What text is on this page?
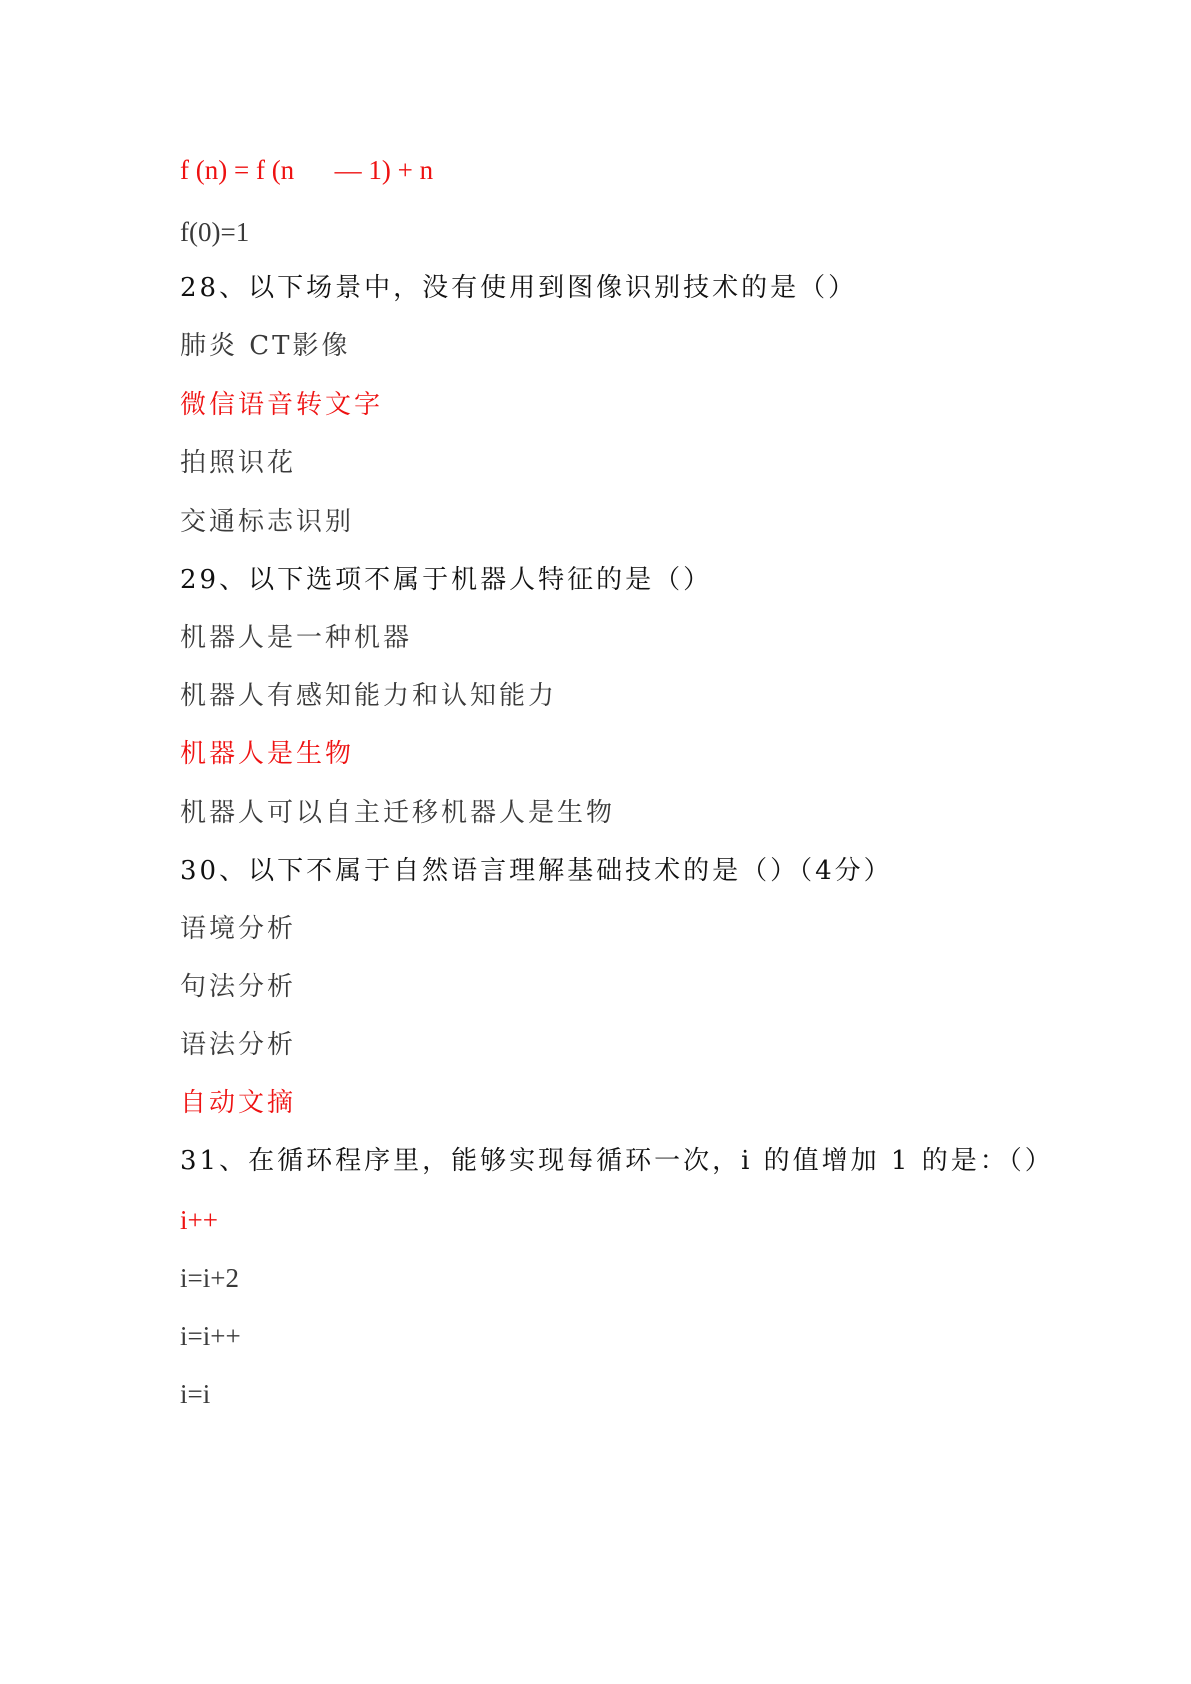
f (n) = f (n      — 1) + n

f(0)=1

28、以下场景中，没有使用到图像识别技术的是（）

肺炎 CT影像

微信语音转文字

拍照识花

交通标志识别

29、以下选项不属于机器人特征的是（）

机器人是一种机器

机器人有感知能力和认知能力

机器人是生物

机器人可以自主迁移机器人是生物

30、以下不属于自然语言理解基础技术的是（）（4分）

语境分析

句法分析

语法分析

自动文摘

31、在循环程序里，能够实现每循环一次，i 的值增加 1 的是：（）

i++

i=i+2

i=i++

i=i
